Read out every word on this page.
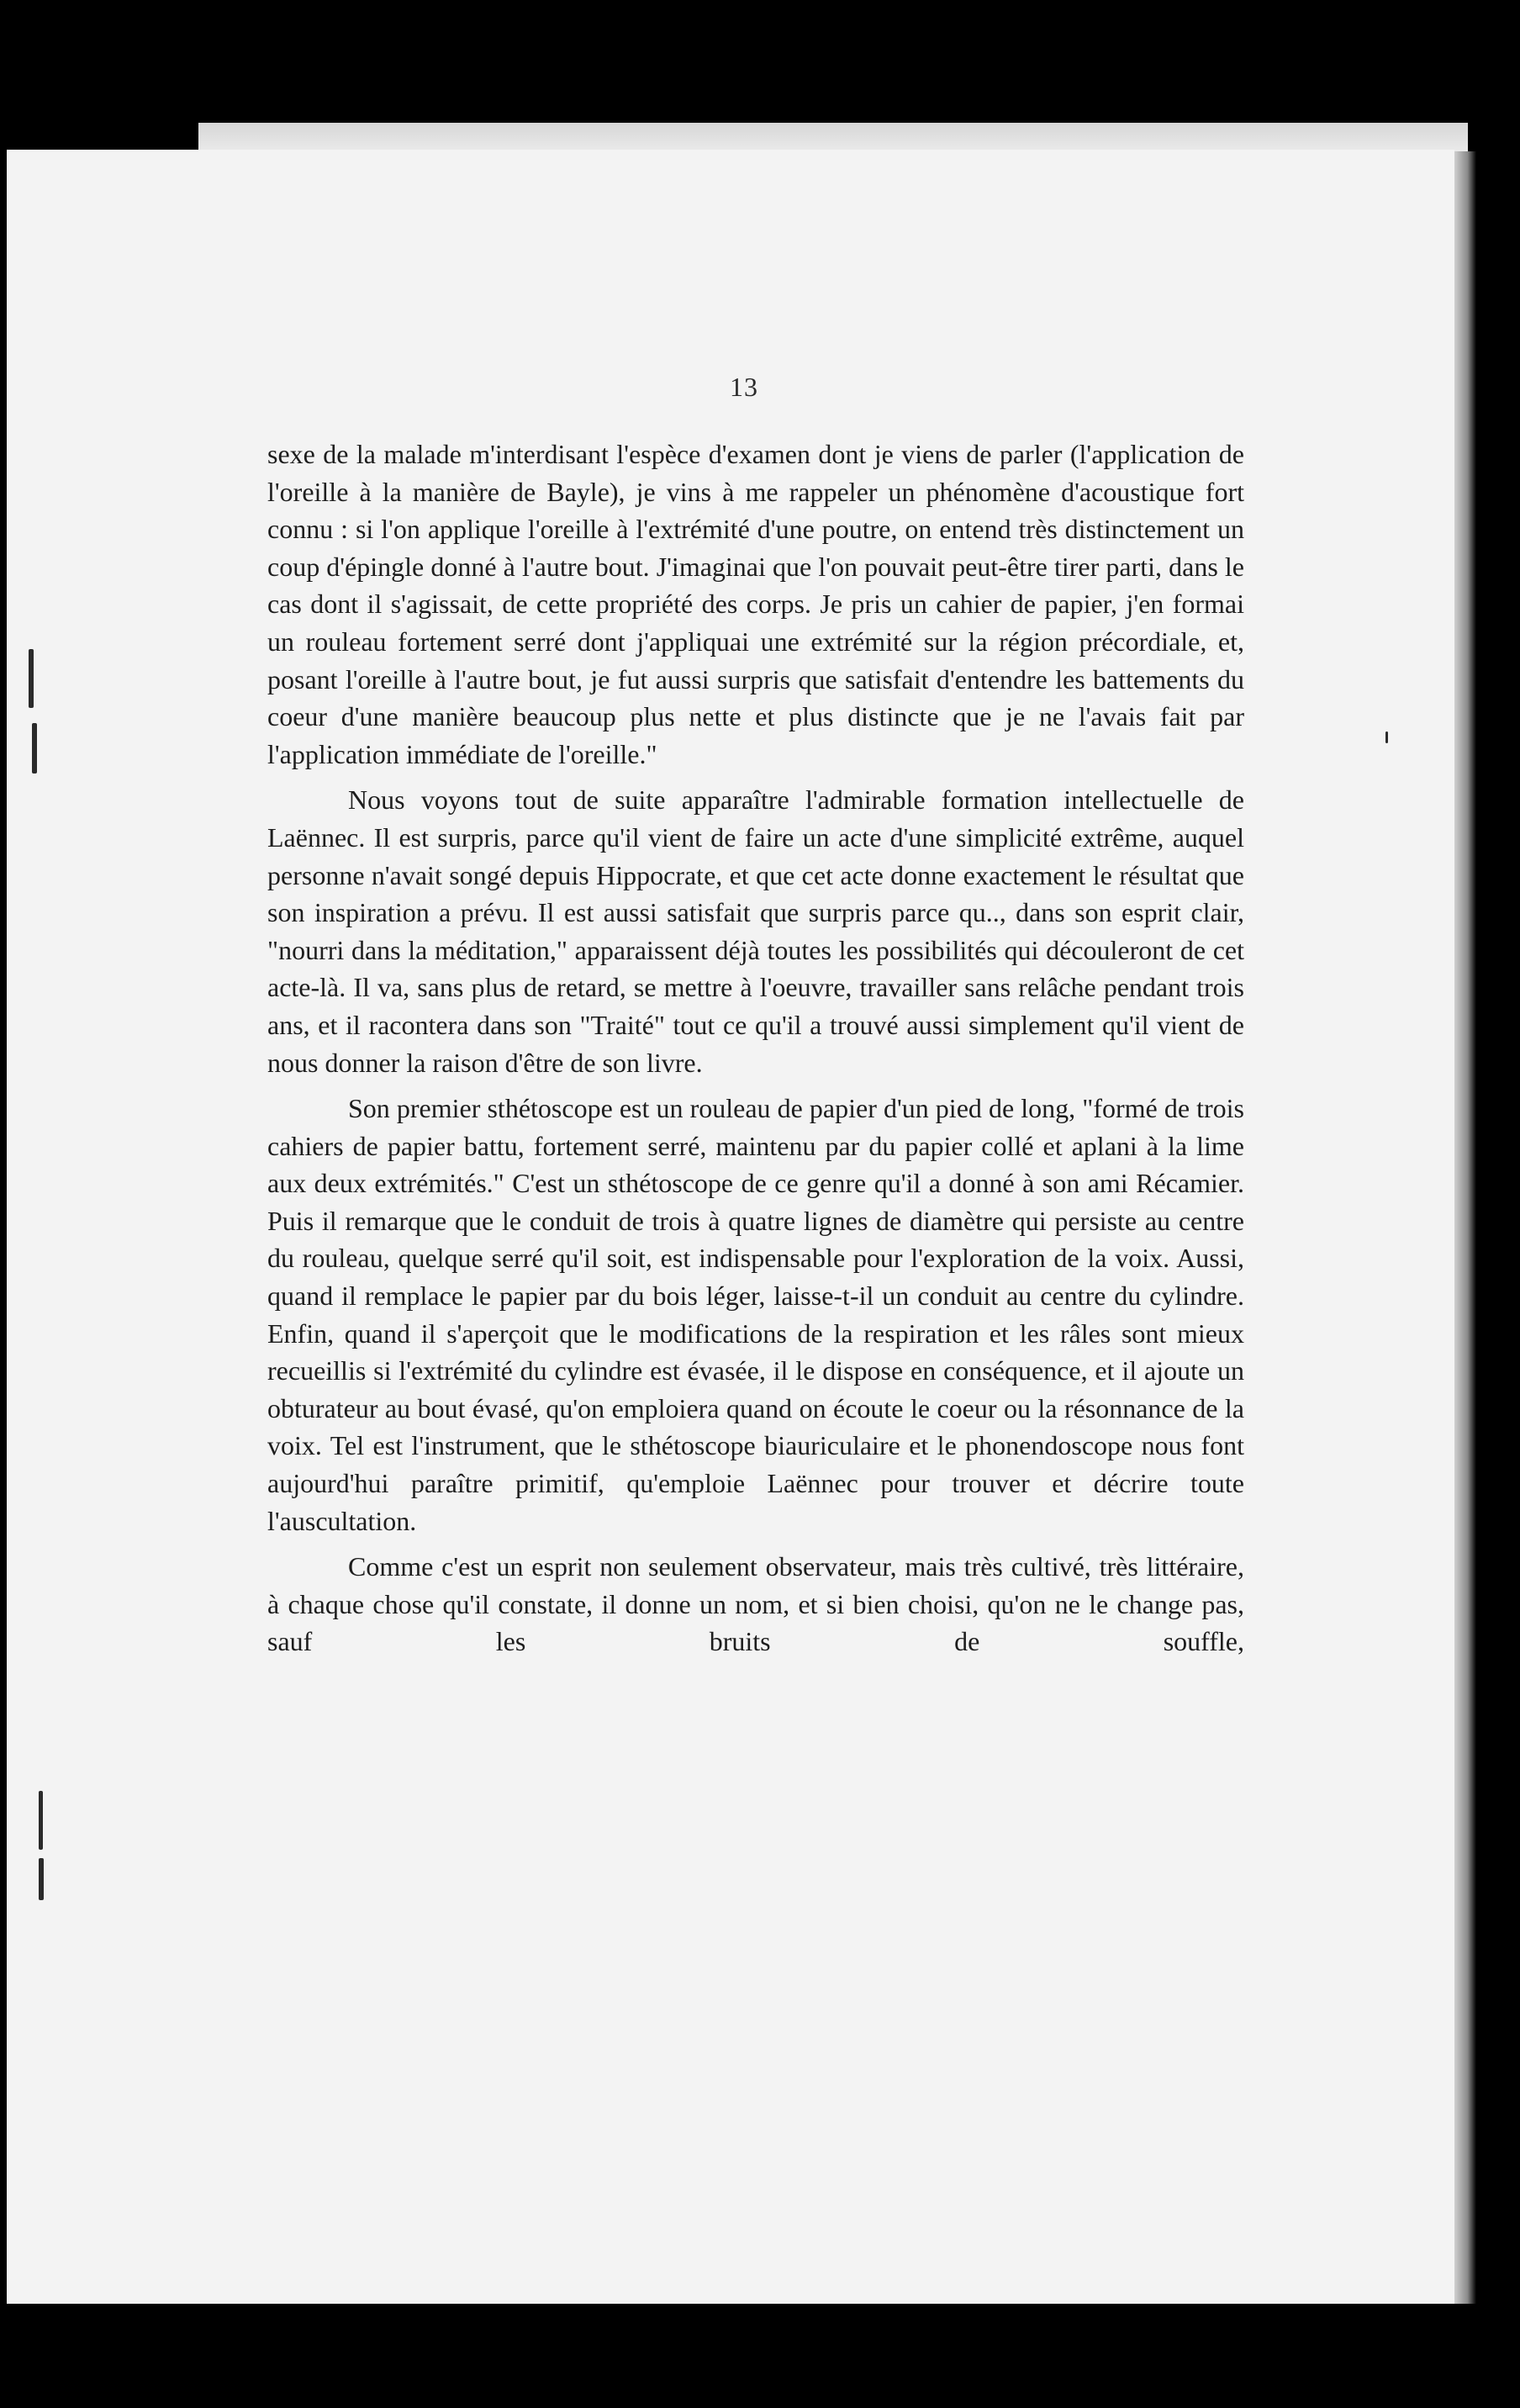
13

sexe de la malade m'interdisant l'espèce d'examen dont je viens de parler (l'application de l'oreille à la manière de Bayle), je vins à me rappeler un phénomène d'acoustique fort connu : si l'on applique l'oreille à l'extrémité d'une poutre, on entend très distinctement un coup d'épingle donné à l'autre bout. J'imaginai que l'on pouvait peut-être tirer parti, dans le cas dont il s'agissait, de cette propriété des corps. Je pris un cahier de papier, j'en formai un rouleau fortement serré dont j'appliquai une extrémité sur la région précordiale, et, posant l'oreille à l'autre bout, je fut aussi surpris que satisfait d'entendre les battements du coeur d'une manière beaucoup plus nette et plus distincte que je ne l'avais fait par l'application immédiate de l'oreille."

Nous voyons tout de suite apparaître l'admirable formation intellectuelle de Laënnec. Il est surpris, parce qu'il vient de faire un acte d'une simplicité extrême, auquel personne n'avait songé depuis Hippocrate, et que cet acte donne exactement le résultat que son inspiration a prévu. Il est aussi satisfait que surpris parce qu.., dans son esprit clair, "nourri dans la méditation," apparaissent déjà toutes les possibilités qui découleront de cet acte-là. Il va, sans plus de retard, se mettre à l'oeuvre, travailler sans relâche pendant trois ans, et il racontera dans son "Traité" tout ce qu'il a trouvé aussi simplement qu'il vient de nous donner la raison d'être de son livre.

Son premier sthétoscope est un rouleau de papier d'un pied de long, "formé de trois cahiers de papier battu, fortement serré, maintenu par du papier collé et aplani à la lime aux deux extrémités." C'est un sthétoscope de ce genre qu'il a donné à son ami Récamier. Puis il remarque que le conduit de trois à quatre lignes de diamètre qui persiste au centre du rouleau, quelque serré qu'il soit, est indispensable pour l'exploration de la voix. Aussi, quand il remplace le papier par du bois léger, laisse-t-il un conduit au centre du cylindre. Enfin, quand il s'aperçoit que le modifications de la respiration et les râles sont mieux recueillis si l'extrémité du cylindre est évasée, il le dispose en conséquence, et il ajoute un obturateur au bout évasé, qu'on emploiera quand on écoute le coeur ou la résonnance de la voix. Tel est l'instrument, que le sthétoscope biauriculaire et le phonendoscope nous font aujourd'hui paraître primitif, qu'emploie Laënnec pour trouver et décrire toute l'auscultation.

Comme c'est un esprit non seulement observateur, mais très cultivé, très littéraire, à chaque chose qu'il constate, il donne un nom, et si bien choisi, qu'on ne le change pas, sauf les bruits de souffle,
